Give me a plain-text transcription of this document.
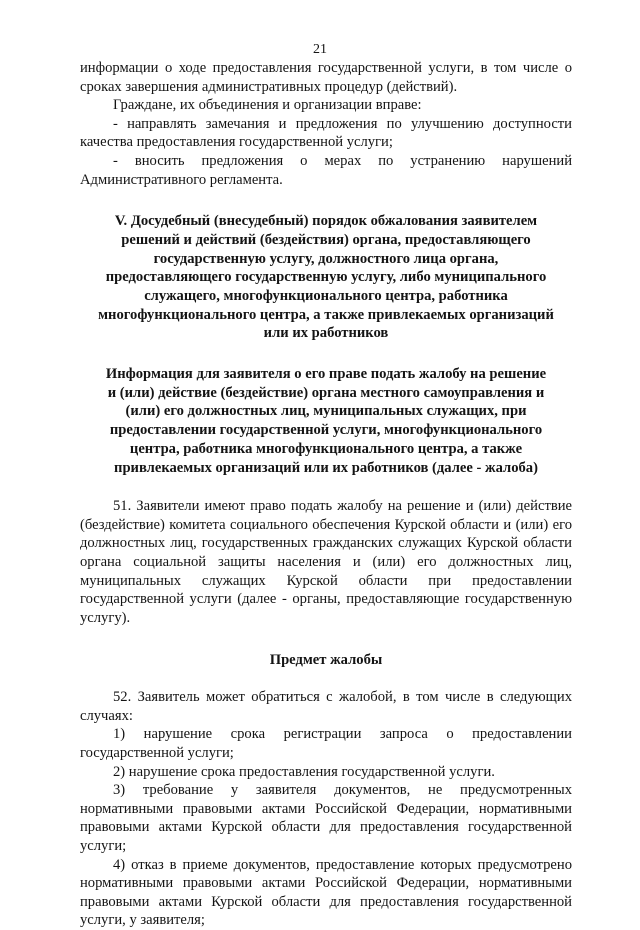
21

информации о ходе предоставления государственной услуги, в том числе о сроках завершения административных процедур (действий).

Граждане, их объединения и организации вправе:

- направлять замечания и предложения по улучшению доступности качества предоставления государственной услуги;

- вносить предложения о мерах по устранению нарушений Административного регламента.

V. Досудебный (внесудебный) порядок обжалования заявителем
решений и действий (бездействия) органа, предоставляющего
государственную услугу, должностного лица органа,
предоставляющего государственную услугу, либо муниципального
служащего, многофункционального центра, работника
многофункционального центра, а также привлекаемых организаций
или их работников
Информация для заявителя о его праве подать жалобу на решение
и (или) действие (бездействие) органа местного самоуправления и
(или) его должностных лиц, муниципальных служащих, при
предоставлении государственной услуги, многофункционального
центра, работника многофункционального центра, а также
привлекаемых организаций или их работников (далее - жалоба)

51. Заявители имеют право подать жалобу на решение и (или) действие (бездействие) комитета социального обеспечения Курской области и (или) его должностных лиц, государственных гражданских служащих Курской области органа социальной защиты населения и (или) его должностных лиц, муниципальных служащих Курской области при предоставлении государственной услуги (далее - органы, предоставляющие государственную услугу).

Предмет жалобы

52. Заявитель может обратиться с жалобой, в том числе в следующих случаях:

1) нарушение срока регистрации запроса о предоставлении государственной услуги;

2) нарушение срока предоставления государственной услуги.

3) требование у заявителя документов, не предусмотренных нормативными правовыми актами Российской Федерации, нормативными правовыми актами Курской области для предоставления государственной услуги;

4) отказ в приеме документов, предоставление которых предусмотрено нормативными правовыми актами Российской Федерации, нормативными правовыми актами Курской области для предоставления государственной услуги, у заявителя;
